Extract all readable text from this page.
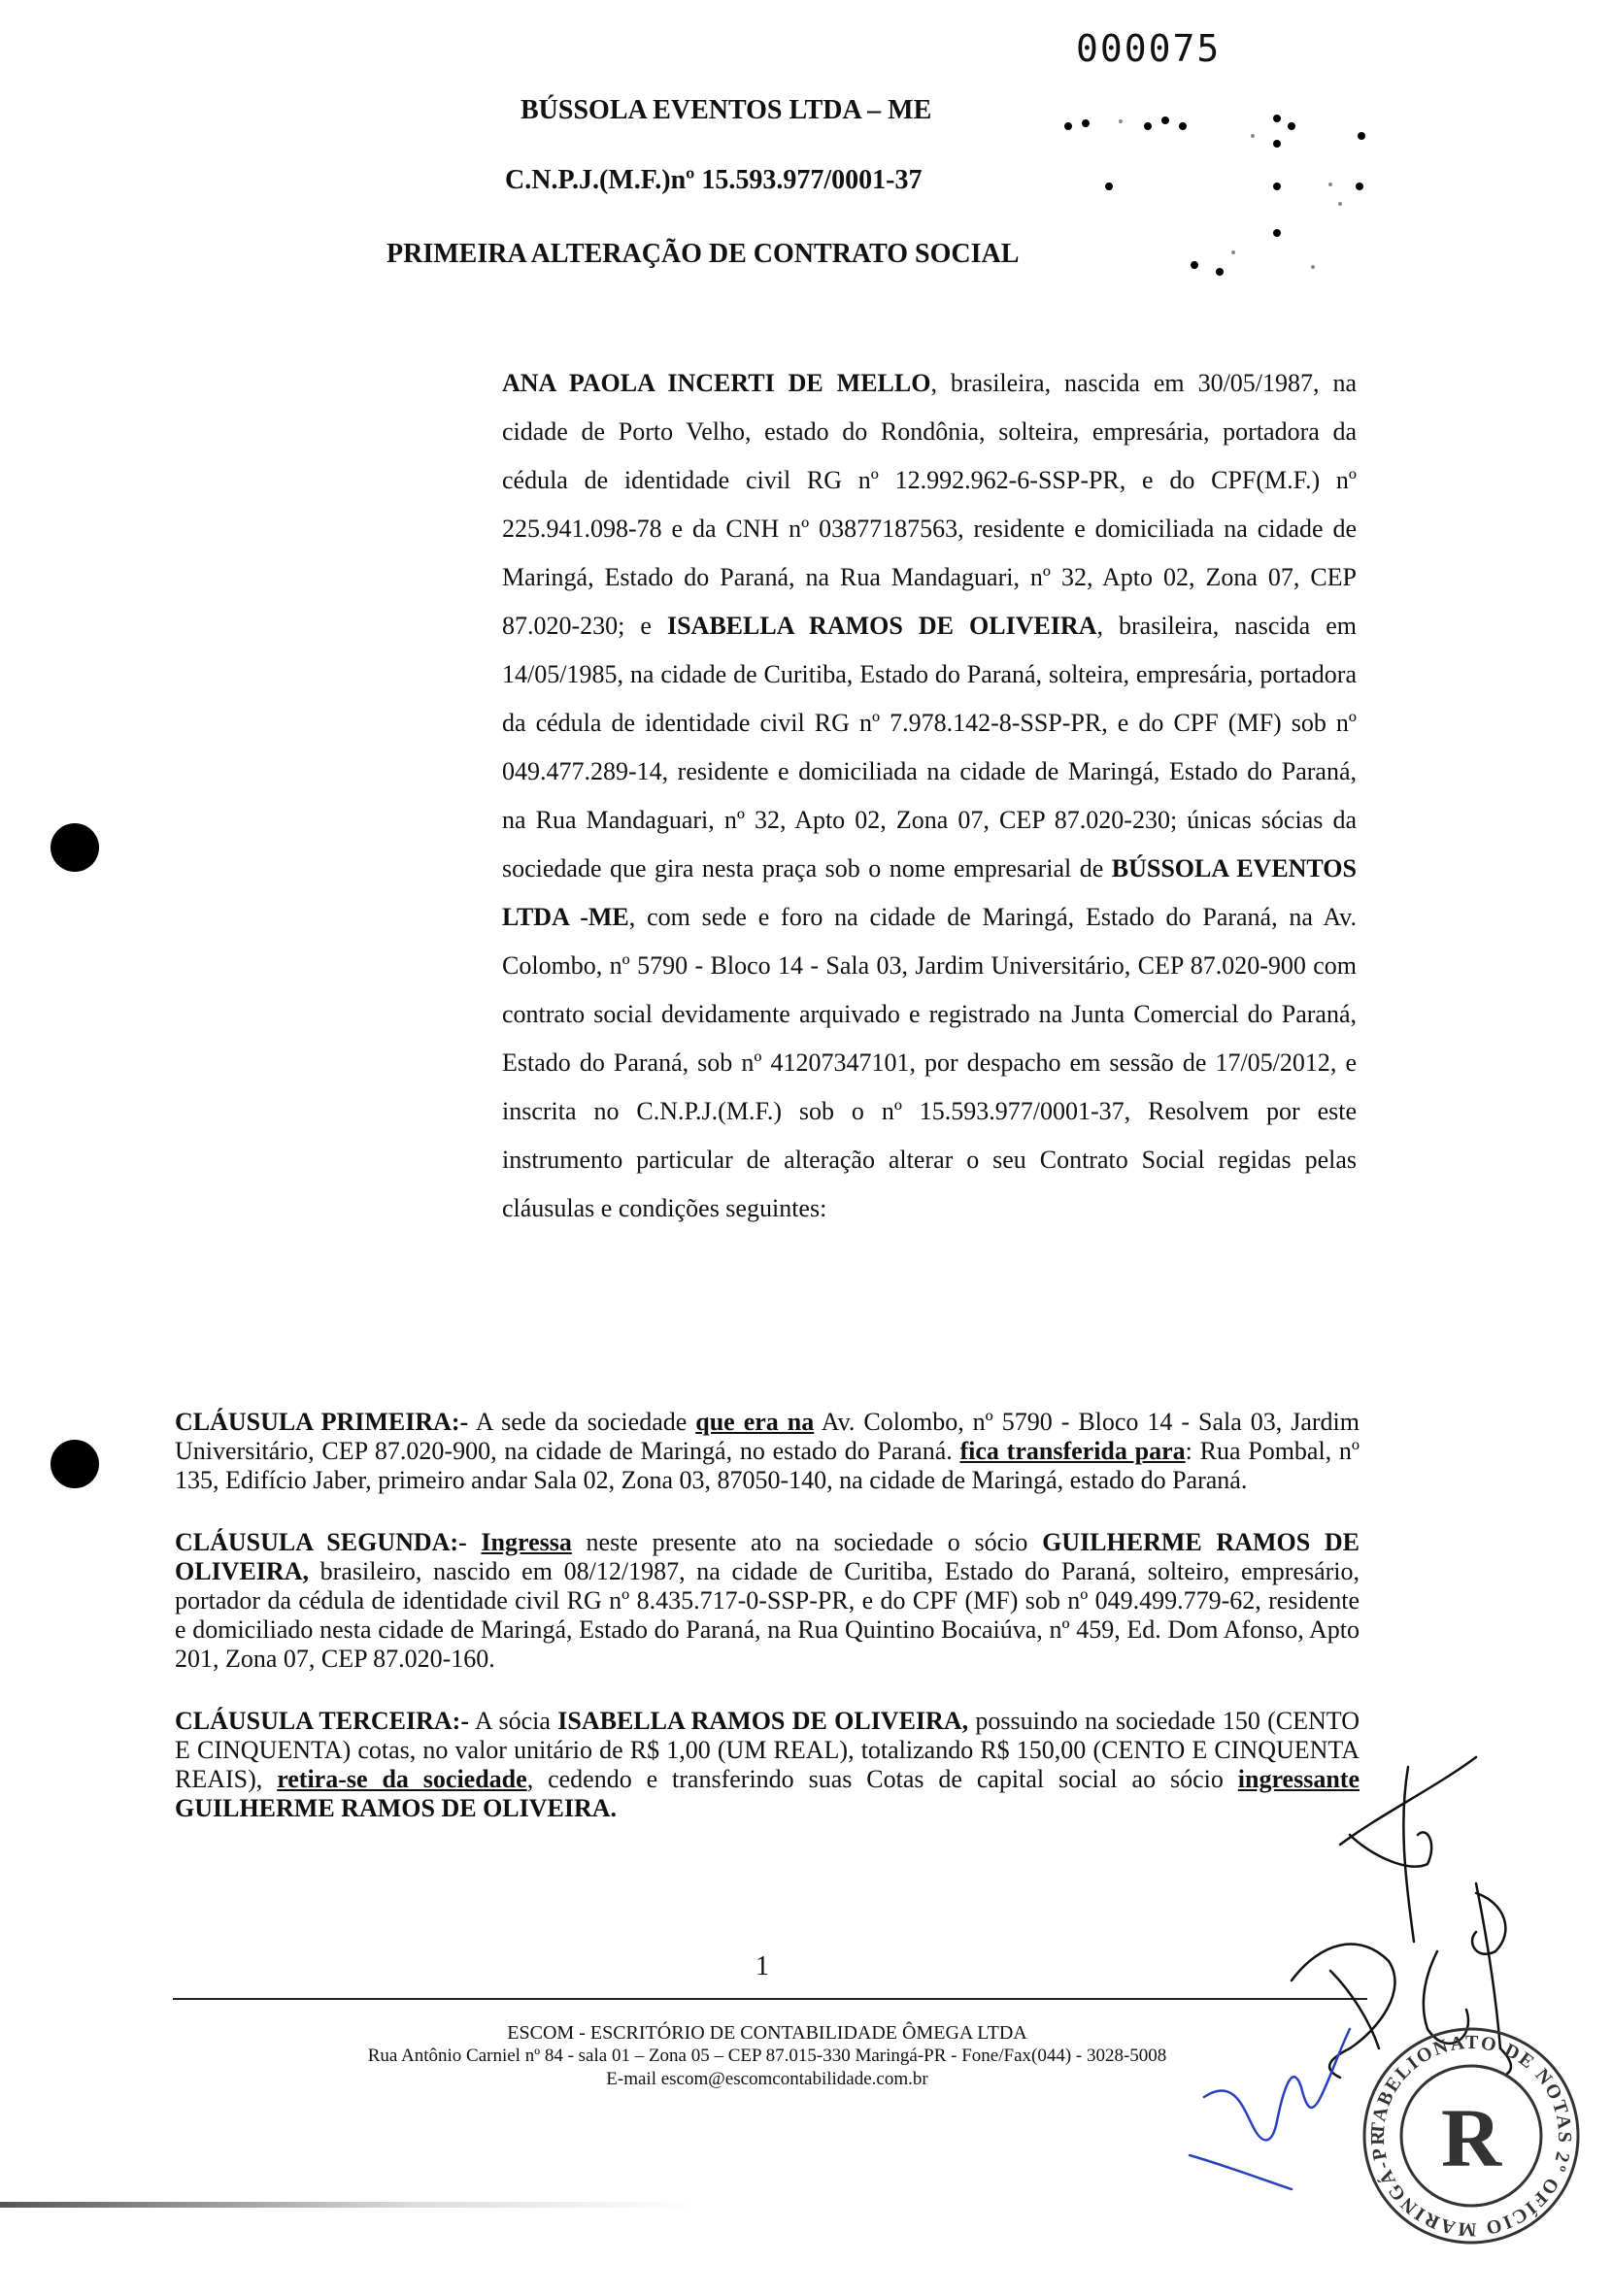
000075
BÚSSOLA EVENTOS LTDA – ME
C.N.P.J.(M.F.)nº 15.593.977/0001-37
PRIMEIRA ALTERAÇÃO DE CONTRATO SOCIAL
ANA PAOLA INCERTI DE MELLO, brasileira, nascida em 30/05/1987, na cidade de Porto Velho, estado do Rondônia, solteira, empresária, portadora da cédula de identidade civil RG nº 12.992.962-6-SSP-PR, e do CPF(M.F.) nº 225.941.098-78 e da CNH nº 03877187563, residente e domiciliada na cidade de Maringá, Estado do Paraná, na Rua Mandaguari, nº 32, Apto 02, Zona 07, CEP 87.020-230; e ISABELLA RAMOS DE OLIVEIRA, brasileira, nascida em 14/05/1985, na cidade de Curitiba, Estado do Paraná, solteira, empresária, portadora da cédula de identidade civil RG nº 7.978.142-8-SSP-PR, e do CPF (MF) sob nº 049.477.289-14, residente e domiciliada na cidade de Maringá, Estado do Paraná, na Rua Mandaguari, nº 32, Apto 02, Zona 07, CEP 87.020-230; únicas sócias da sociedade que gira nesta praça sob o nome empresarial de BÚSSOLA EVENTOS LTDA -ME, com sede e foro na cidade de Maringá, Estado do Paraná, na Av. Colombo, nº 5790 - Bloco 14 - Sala 03, Jardim Universitário, CEP 87.020-900 com contrato social devidamente arquivado e registrado na Junta Comercial do Paraná, Estado do Paraná, sob nº 41207347101, por despacho em sessão de 17/05/2012, e inscrita no C.N.P.J.(M.F.) sob o nº 15.593.977/0001-37, Resolvem por este instrumento particular de alteração alterar o seu Contrato Social regidas pelas cláusulas e condições seguintes:

CLÁUSULA PRIMEIRA:- A sede da sociedade que era na Av. Colombo, nº 5790 - Bloco 14 - Sala 03, Jardim Universitário, CEP 87.020-900, na cidade de Maringá, no estado do Paraná. fica transferida para: Rua Pombal, nº 135, Edifício Jaber, primeiro andar Sala 02, Zona 03, 87050-140, na cidade de Maringá, estado do Paraná.

CLÁUSULA SEGUNDA:- Ingressa neste presente ato na sociedade o sócio GUILHERME RAMOS DE OLIVEIRA, brasileiro, nascido em 08/12/1987, na cidade de Curitiba, Estado do Paraná, solteiro, empresário, portador da cédula de identidade civil RG nº 8.435.717-0-SSP-PR, e do CPF (MF) sob nº 049.499.779-62, residente e domiciliado nesta cidade de Maringá, Estado do Paraná, na Rua Quintino Bocaiúva, nº 459, Ed. Dom Afonso, Apto 201, Zona 07, CEP 87.020-160.

CLÁUSULA TERCEIRA:- A sócia ISABELLA RAMOS DE OLIVEIRA, possuindo na sociedade 150 (CENTO E CINQUENTA) cotas, no valor unitário de R$ 1,00 (UM REAL), totalizando R$ 150,00 (CENTO E CINQUENTA REAIS), retira-se da sociedade, cedendo e transferindo suas Cotas de capital social ao sócio ingressante GUILHERME RAMOS DE OLIVEIRA.

1
ESCOM - ESCRITÓRIO DE CONTABILIDADE ÔMEGA LTDA
Rua Antônio Carniel nº 84 - sala 01 – Zona 05 – CEP 87.015-330 Maringá-PR - Fone/Fax(044) - 3028-5008
E-mail escom@escomcontabilidade.com.br
TABELIONATO DE NOTAS 2º OFÍCIO MARINGÁ-PR R
